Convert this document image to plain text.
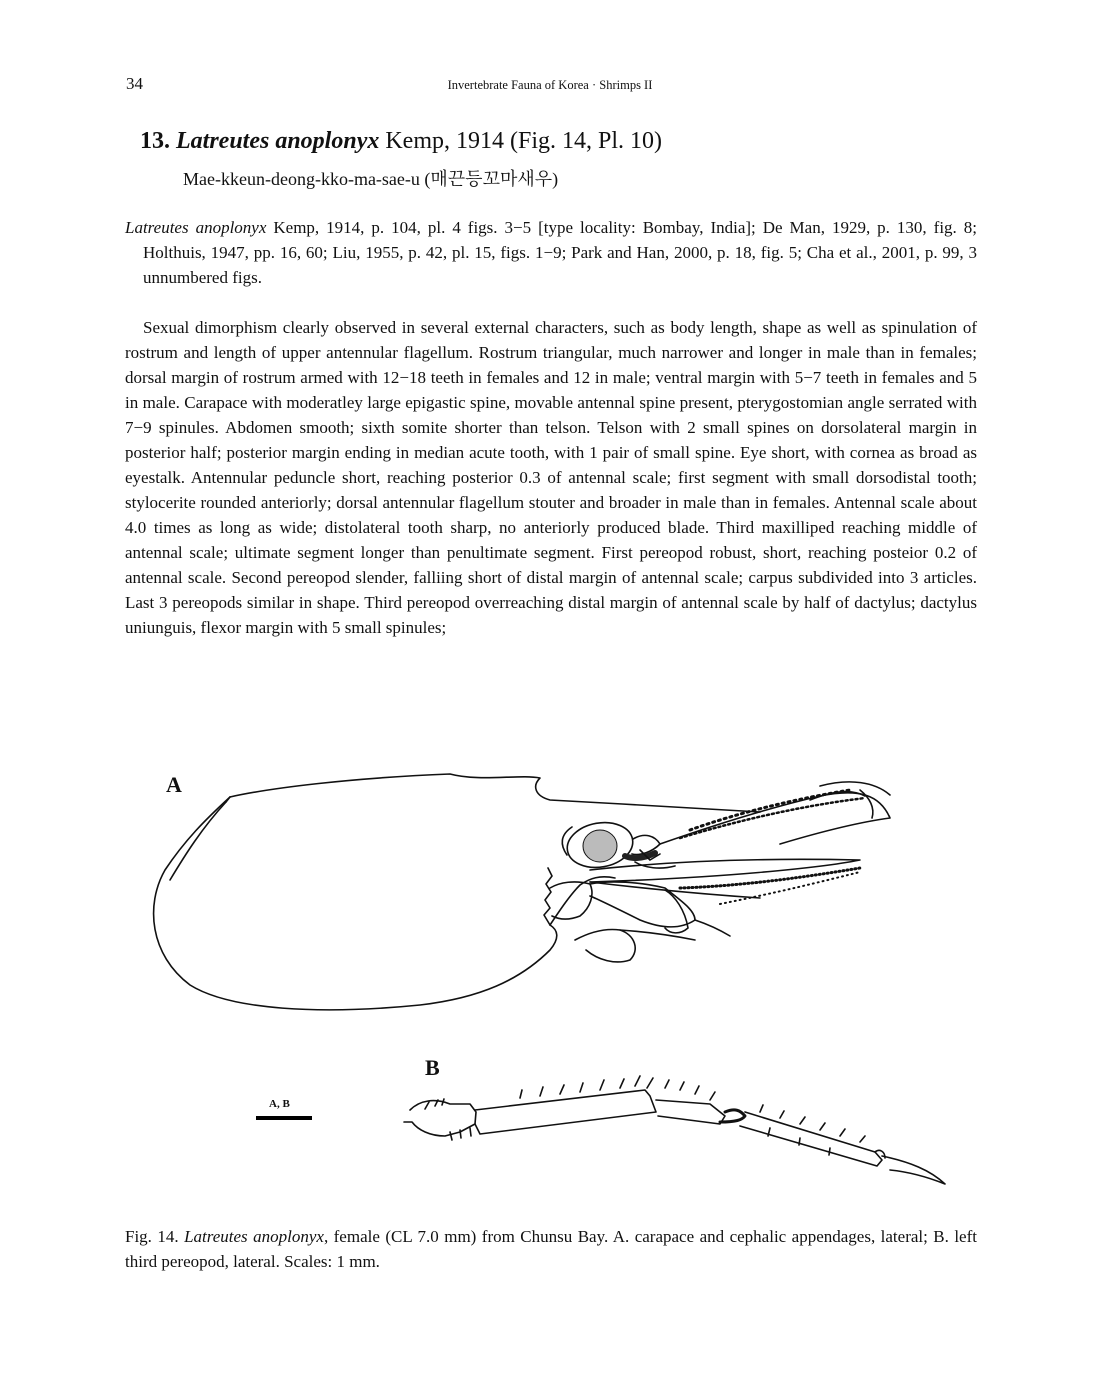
34	Invertebrate Fauna of Korea · Shrimps II
13. Latreutes anoplonyx Kemp, 1914 (Fig. 14, Pl. 10)
Mae-kkeun-deong-kko-ma-sae-u (매끈등꼬마새우)
Latreutes anoplonyx Kemp, 1914, p. 104, pl. 4 figs. 3−5 [type locality: Bombay, India]; De Man, 1929, p. 130, fig. 8; Holthuis, 1947, pp. 16, 60; Liu, 1955, p. 42, pl. 15, figs. 1−9; Park and Han, 2000, p. 18, fig. 5; Cha et al., 2001, p. 99, 3 unnumbered figs.

Sexual dimorphism clearly observed in several external characters, such as body length, shape as well as spinulation of rostrum and length of upper antennular flagellum. Rostrum triangular, much narrower and longer in male than in females; dorsal margin of rostrum armed with 12−18 teeth in females and 12 in male; ventral margin with 5−7 teeth in females and 5 in male. Carapace with moderatley large epigastic spine, movable antennal spine present, pterygostomian angle serrated with 7−9 spinules. Abdomen smooth; sixth somite shorter than telson. Telson with 2 small spines on dorsolateral margin in posterior half; posterior margin ending in median acute tooth, with 1 pair of small spine. Eye short, with cornea as broad as eyestalk. Antennular peduncle short, reaching posterior 0.3 of antennal scale; first segment with small dorsodistal tooth; stylocerite rounded anteriorly; dorsal antennular flagellum stouter and broader in male than in females. Antennal scale about 4.0 times as long as wide; distolateral tooth sharp, no anteriorly produced blade. Third maxilliped reaching middle of antennal scale; ultimate segment longer than penultimate segment. First pereopod robust, short, reaching posteior 0.2 of antennal scale. Second pereopod slender, falliing short of distal margin of antennal scale; carpus subdivided into 3 articles. Last 3 pereopods similar in shape. Third pereopod overreaching distal margin of antennal scale by half of dactylus; dactylus uniunguis, flexor margin with 5 small spinules;

A
B
A, B

Fig. 14. Latreutes anoplonyx, female (CL 7.0 mm) from Chunsu Bay. A. carapace and cephalic appendages, lateral; B. left third pereopod, lateral. Scales: 1 mm.
